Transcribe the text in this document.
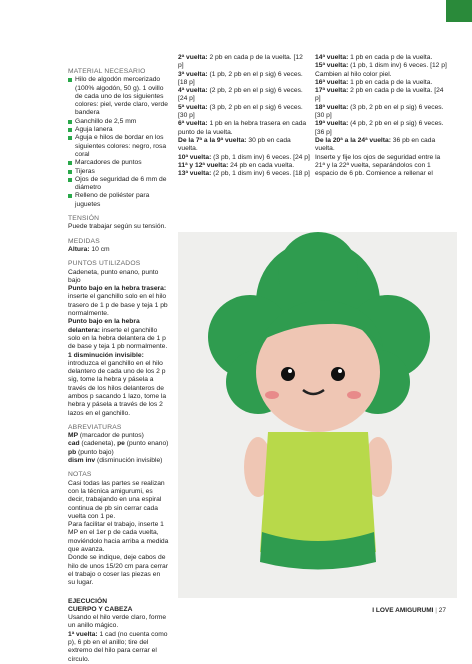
MATERIAL NECESARIO

Hilo de algodón mercerizado (100% algodón, 50 g). 1 ovillo de cada uno de los siguientes colores: piel, verde claro, verde bandera
Ganchillo de 2,5 mm
Aguja lanera
Aguja e hilos de bordar en los siguientes colores: negro, rosa coral
Marcadores de puntos
Tijeras
Ojos de seguridad de 6 mm de diámetro
Relleno de poliéster para juguetes

TENSIÓN

Puede trabajar según su tensión.

MEDIDAS

Altura: 10 cm

PUNTOS UTILIZADOS

Cadeneta, punto enano, punto bajo

Punto bajo en la hebra trasera: inserte el ganchillo solo en el hilo trasero de 1 p de base y teja 1 pb normalmente.

Punto bajo en la hebra delantera: inserte el ganchillo solo en la hebra delantera de 1 p de base y teja 1 pb normalmente.

1 disminución invisible: introduzca el ganchillo en el hilo delantero de cada uno de los 2 p sig, tome la hebra y pásela a través de los hilos delanteros de ambos p sacando 1 lazo, tome la hebra y pásela a través de los 2 lazos en el ganchillo.

ABREVIATURAS

MP (marcador de puntos)

cad (cadeneta), pe (punto enano)

pb (punto bajo)

dism inv (disminución invisible)

NOTAS

Casi todas las partes se realizan con la técnica amigurumi, es decir, trabajando en una espiral continua de pb sin cerrar cada vuelta con 1 pe.

Para facilitar el trabajo, inserte 1 MP en el 1er p de cada vuelta, moviéndolo hacia arriba a medida que avanza.

Donde se indique, deje cabos de hilo de unos 15/20 cm para cerrar el trabajo o coser las piezas en su lugar.

EJECUCIÓN

CUERPO Y CABEZA

Usando el hilo verde claro, forme un anillo mágico.

1ª vuelta: 1 cad (no cuenta como p), 6 pb en el anillo; tire del extremo del hilo para cerrar el círculo.

2ª vuelta: 2 pb en cada p de la vuelta. [12 p]

3ª vuelta: (1 pb, 2 pb en el p sig) 6 veces. [18 p]

4ª vuelta: (2 pb, 2 pb en el p sig) 6 veces. [24 p]

5ª vuelta: (3 pb, 2 pb en el p sig) 6 veces. [30 p]

6ª vuelta: 1 pb en la hebra trasera en cada punto de la vuelta.

De la 7ª a la 9ª vuelta: 30 pb en cada vuelta.

10ª vuelta: (3 pb, 1 dism inv) 6 veces. [24 p]

11ª y 12ª vuelta: 24 pb en cada vuelta.

13ª vuelta: (2 pb, 1 dism inv) 6 veces. [18 p]

14ª vuelta: 1 pb en cada p de la vuelta.

15ª vuelta: (1 pb, 1 dism inv) 6 veces. [12 p] Cambien al hilo color piel.

16ª vuelta: 1 pb en cada p de la vuelta.

17ª vuelta: 2 pb en cada p de la vuelta. [24 p]

18ª vuelta: (3 pb, 2 pb en el p sig) 6 veces. [30 p]

19ª vuelta: (4 pb, 2 pb en el p sig) 6 veces. [36 p]

De la 20ª a la 24ª vuelta: 36 pb en cada vuelta.

Inserte y fije los ojos de seguridad entre la 21ª y la 22ª vuelta, separándolos con 1 espacio de 6 pb. Comience a rellenar el

I LOVE AMIGURUMI | 27
